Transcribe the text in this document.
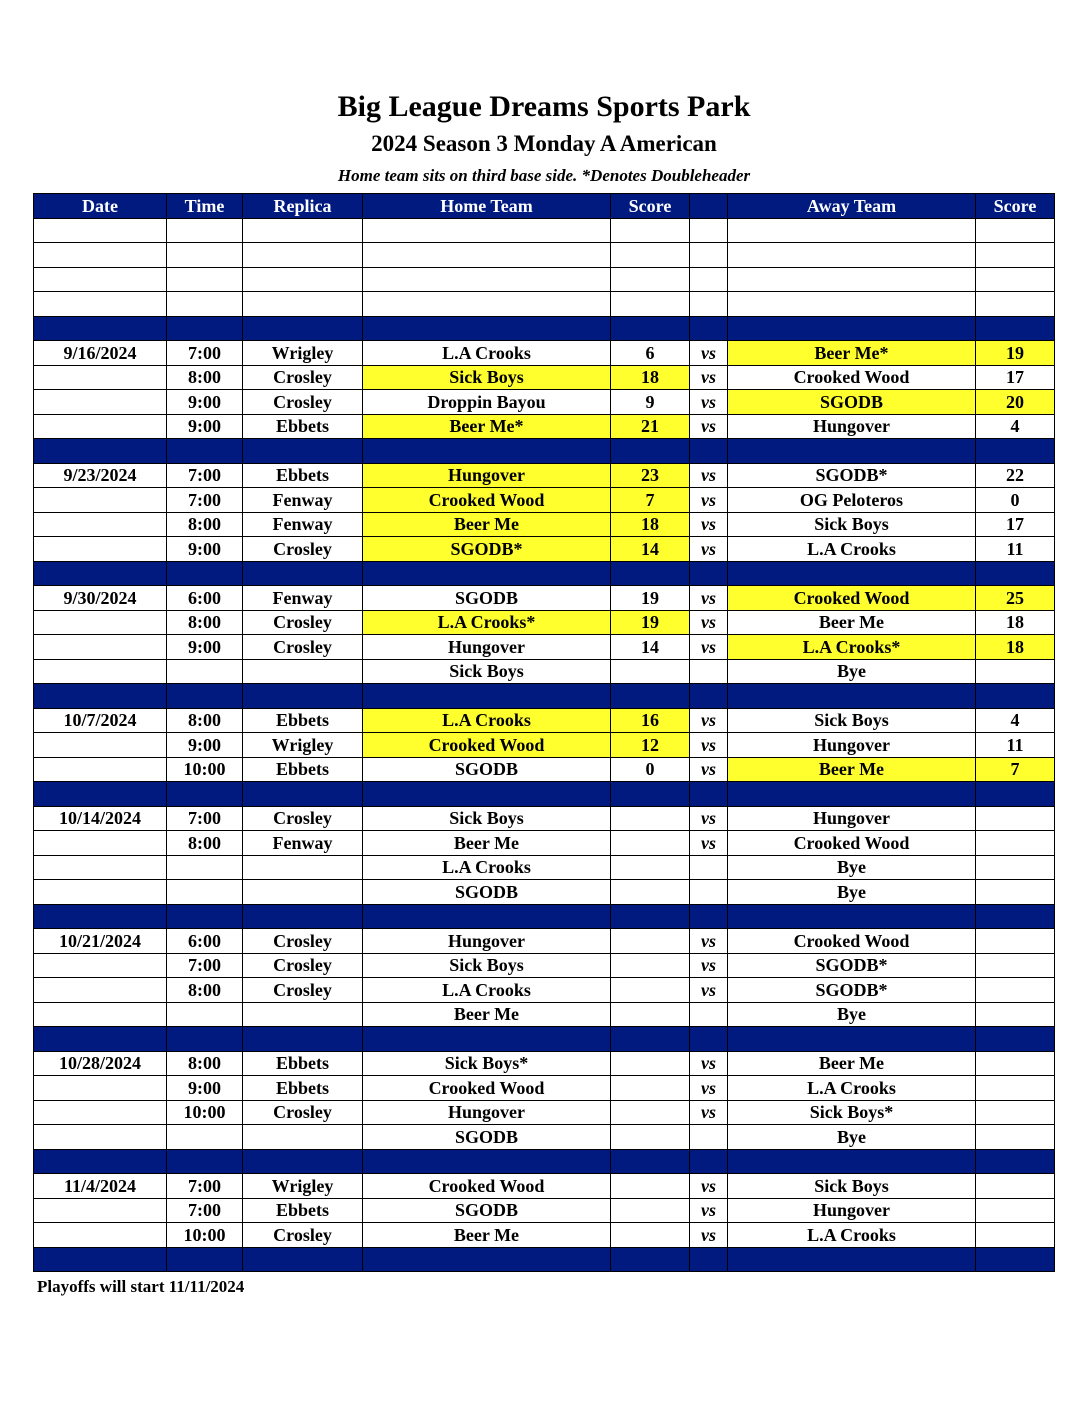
Big League Dreams Sports Park
2024 Season 3 Monday A American
Home team sits on third base side. *Denotes Doubleheader
Date	Time	Replica	Home Team	Score		Away Team	Score

9/16/2024	7:00	Wrigley	L.A Crooks	6	vs	Beer Me*	19
	8:00	Crosley	Sick Boys	18	vs	Crooked Wood	17
	9:00	Crosley	Droppin Bayou	9	vs	SGODB	20
	9:00	Ebbets	Beer Me*	21	vs	Hungover	4

9/23/2024	7:00	Ebbets	Hungover	23	vs	SGODB*	22
	7:00	Fenway	Crooked Wood	7	vs	OG Peloteros	0
	8:00	Fenway	Beer Me	18	vs	Sick Boys	17
	9:00	Crosley	SGODB*	14	vs	L.A Crooks	11

9/30/2024	6:00	Fenway	SGODB	19	vs	Crooked Wood	25
	8:00	Crosley	L.A Crooks*	19	vs	Beer Me	18
	9:00	Crosley	Hungover	14	vs	L.A Crooks*	18
			Sick Boys			Bye	

10/7/2024	8:00	Ebbets	L.A Crooks	16	vs	Sick Boys	4
	9:00	Wrigley	Crooked Wood	12	vs	Hungover	11
	10:00	Ebbets	SGODB	0	vs	Beer Me	7

10/14/2024	7:00	Crosley	Sick Boys		vs	Hungover	
	8:00	Fenway	Beer Me		vs	Crooked Wood	
			L.A Crooks			Bye	
			SGODB			Bye	

10/21/2024	6:00	Crosley	Hungover		vs	Crooked Wood	
	7:00	Crosley	Sick Boys		vs	SGODB*	
	8:00	Crosley	L.A Crooks		vs	SGODB*	
			Beer Me			Bye	

10/28/2024	8:00	Ebbets	Sick Boys*		vs	Beer Me	
	9:00	Ebbets	Crooked Wood		vs	L.A Crooks	
	10:00	Crosley	Hungover		vs	Sick Boys*	
			SGODB			Bye	

11/4/2024	7:00	Wrigley	Crooked Wood		vs	Sick Boys	
	7:00	Ebbets	SGODB		vs	Hungover	
	10:00	Crosley	Beer Me		vs	L.A Crooks	

Playoffs will start 11/11/2024
